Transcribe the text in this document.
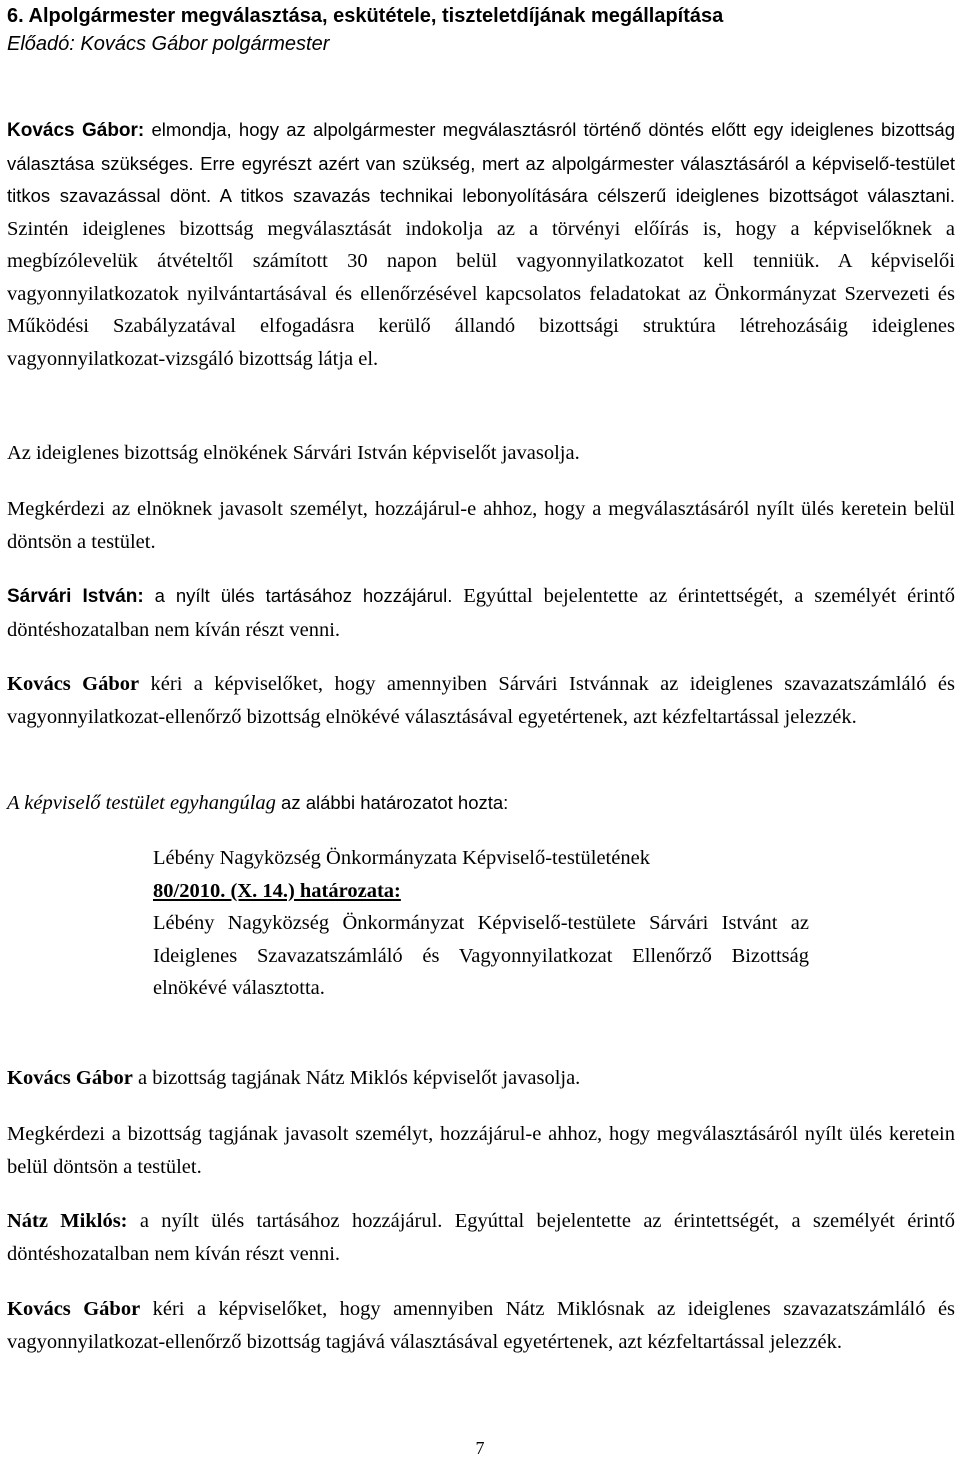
6. Alpolgármester megválasztása, eskütétele, tiszteletdíjának megállapítása

Előadó: Kovács Gábor polgármester

Kovács Gábor: elmondja, hogy az alpolgármester megválasztásról történő döntés előtt egy ideiglenes bizottság választása szükséges. Erre egyrészt azért van szükség, mert az alpolgármester választásáról a képviselő-testület titkos szavazással dönt. A titkos szavazás technikai lebonyolítására célszerű ideiglenes bizottságot választani. Szintén ideiglenes bizottság megválasztását indokolja az a törvényi előírás is, hogy a képviselőknek a megbízólevelük átvételtől számított 30 napon belül vagyonnyilatkozatot kell tenniük. A képviselői vagyonnyilatkozatok nyilvántartásával és ellenőrzésével kapcsolatos feladatokat az Önkormányzat Szervezeti és Működési Szabályzatával elfogadásra kerülő állandó bizottsági struktúra létrehozásáig ideiglenes vagyonnyilatkozat-vizsgáló bizottság látja el.

Az ideiglenes bizottság elnökének Sárvári István képviselőt javasolja.

Megkérdezi az elnöknek javasolt személyt, hozzájárul-e ahhoz, hogy a megválasztásáról nyílt ülés keretein belül döntsön a testület.

Sárvári István: a nyílt ülés tartásához hozzájárul. Egyúttal bejelentette az érintettségét, a személyét érintő döntéshozatalban nem kíván részt venni.

Kovács Gábor kéri a képviselőket, hogy amennyiben Sárvári Istvánnak az ideiglenes szavazatszámláló és vagyonnyilatkozat-ellenőrző bizottság elnökévé választásával egyetértenek, azt kézfeltartással jelezzék.

A képviselő testület egyhangúlag az alábbi határozatot hozta:

Lébény Nagyközség Önkormányzata Képviselő-testületének

80/2010. (X. 14.) határozata:

Lébény Nagyközség Önkormányzat Képviselő-testülete Sárvári Istvánt az Ideiglenes Szavazatszámláló és Vagyonnyilatkozat Ellenőrző Bizottság elnökévé választotta.

Kovács Gábor a bizottság tagjának Nátz Miklós képviselőt javasolja.

Megkérdezi a bizottság tagjának javasolt személyt, hozzájárul-e ahhoz, hogy megválasztásáról nyílt ülés keretein belül döntsön a testület.

Nátz Miklós: a nyílt ülés tartásához hozzájárul. Egyúttal bejelentette az érintettségét, a személyét érintő döntéshozatalban nem kíván részt venni.

Kovács Gábor kéri a képviselőket, hogy amennyiben Nátz Miklósnak az ideiglenes szavazatszámláló és vagyonnyilatkozat-ellenőrző bizottság tagjává választásával egyetértenek, azt kézfeltartással jelezzék.

7
